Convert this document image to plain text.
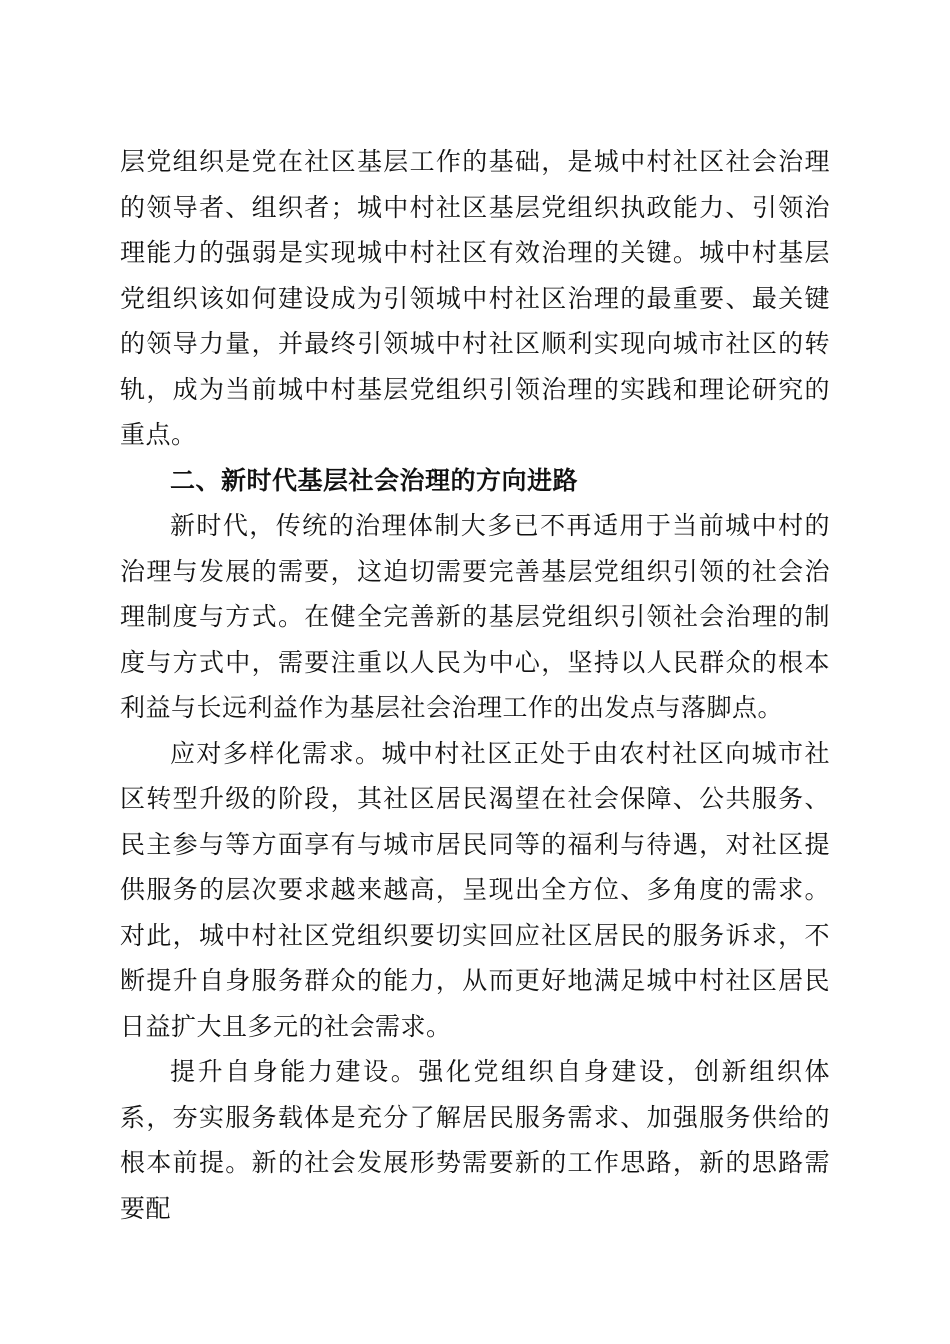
层党组织是党在社区基层工作的基础，是城中村社区社会治理的领导者、组织者；城中村社区基层党组织执政能力、引领治理能力的强弱是实现城中村社区有效治理的关键。城中村基层党组织该如何建设成为引领城中村社区治理的最重要、最关键的领导力量，并最终引领城中村社区顺利实现向城市社区的转轨，成为当前城中村基层党组织引领治理的实践和理论研究的重点。

二、新时代基层社会治理的方向进路

新时代，传统的治理体制大多已不再适用于当前城中村的治理与发展的需要，这迫切需要完善基层党组织引领的社会治理制度与方式。在健全完善新的基层党组织引领社会治理的制度与方式中，需要注重以人民为中心，坚持以人民群众的根本利益与长远利益作为基层社会治理工作的出发点与落脚点。

应对多样化需求。城中村社区正处于由农村社区向城市社区转型升级的阶段，其社区居民渴望在社会保障、公共服务、民主参与等方面享有与城市居民同等的福利与待遇，对社区提供服务的层次要求越来越高，呈现出全方位、多角度的需求。对此，城中村社区党组织要切实回应社区居民的服务诉求，不断提升自身服务群众的能力，从而更好地满足城中村社区居民日益扩大且多元的社会需求。

提升自身能力建设。强化党组织自身建设，创新组织体系，夯实服务载体是充分了解居民服务需求、加强服务供给的根本前提。新的社会发展形势需要新的工作思路，新的思路需要配
